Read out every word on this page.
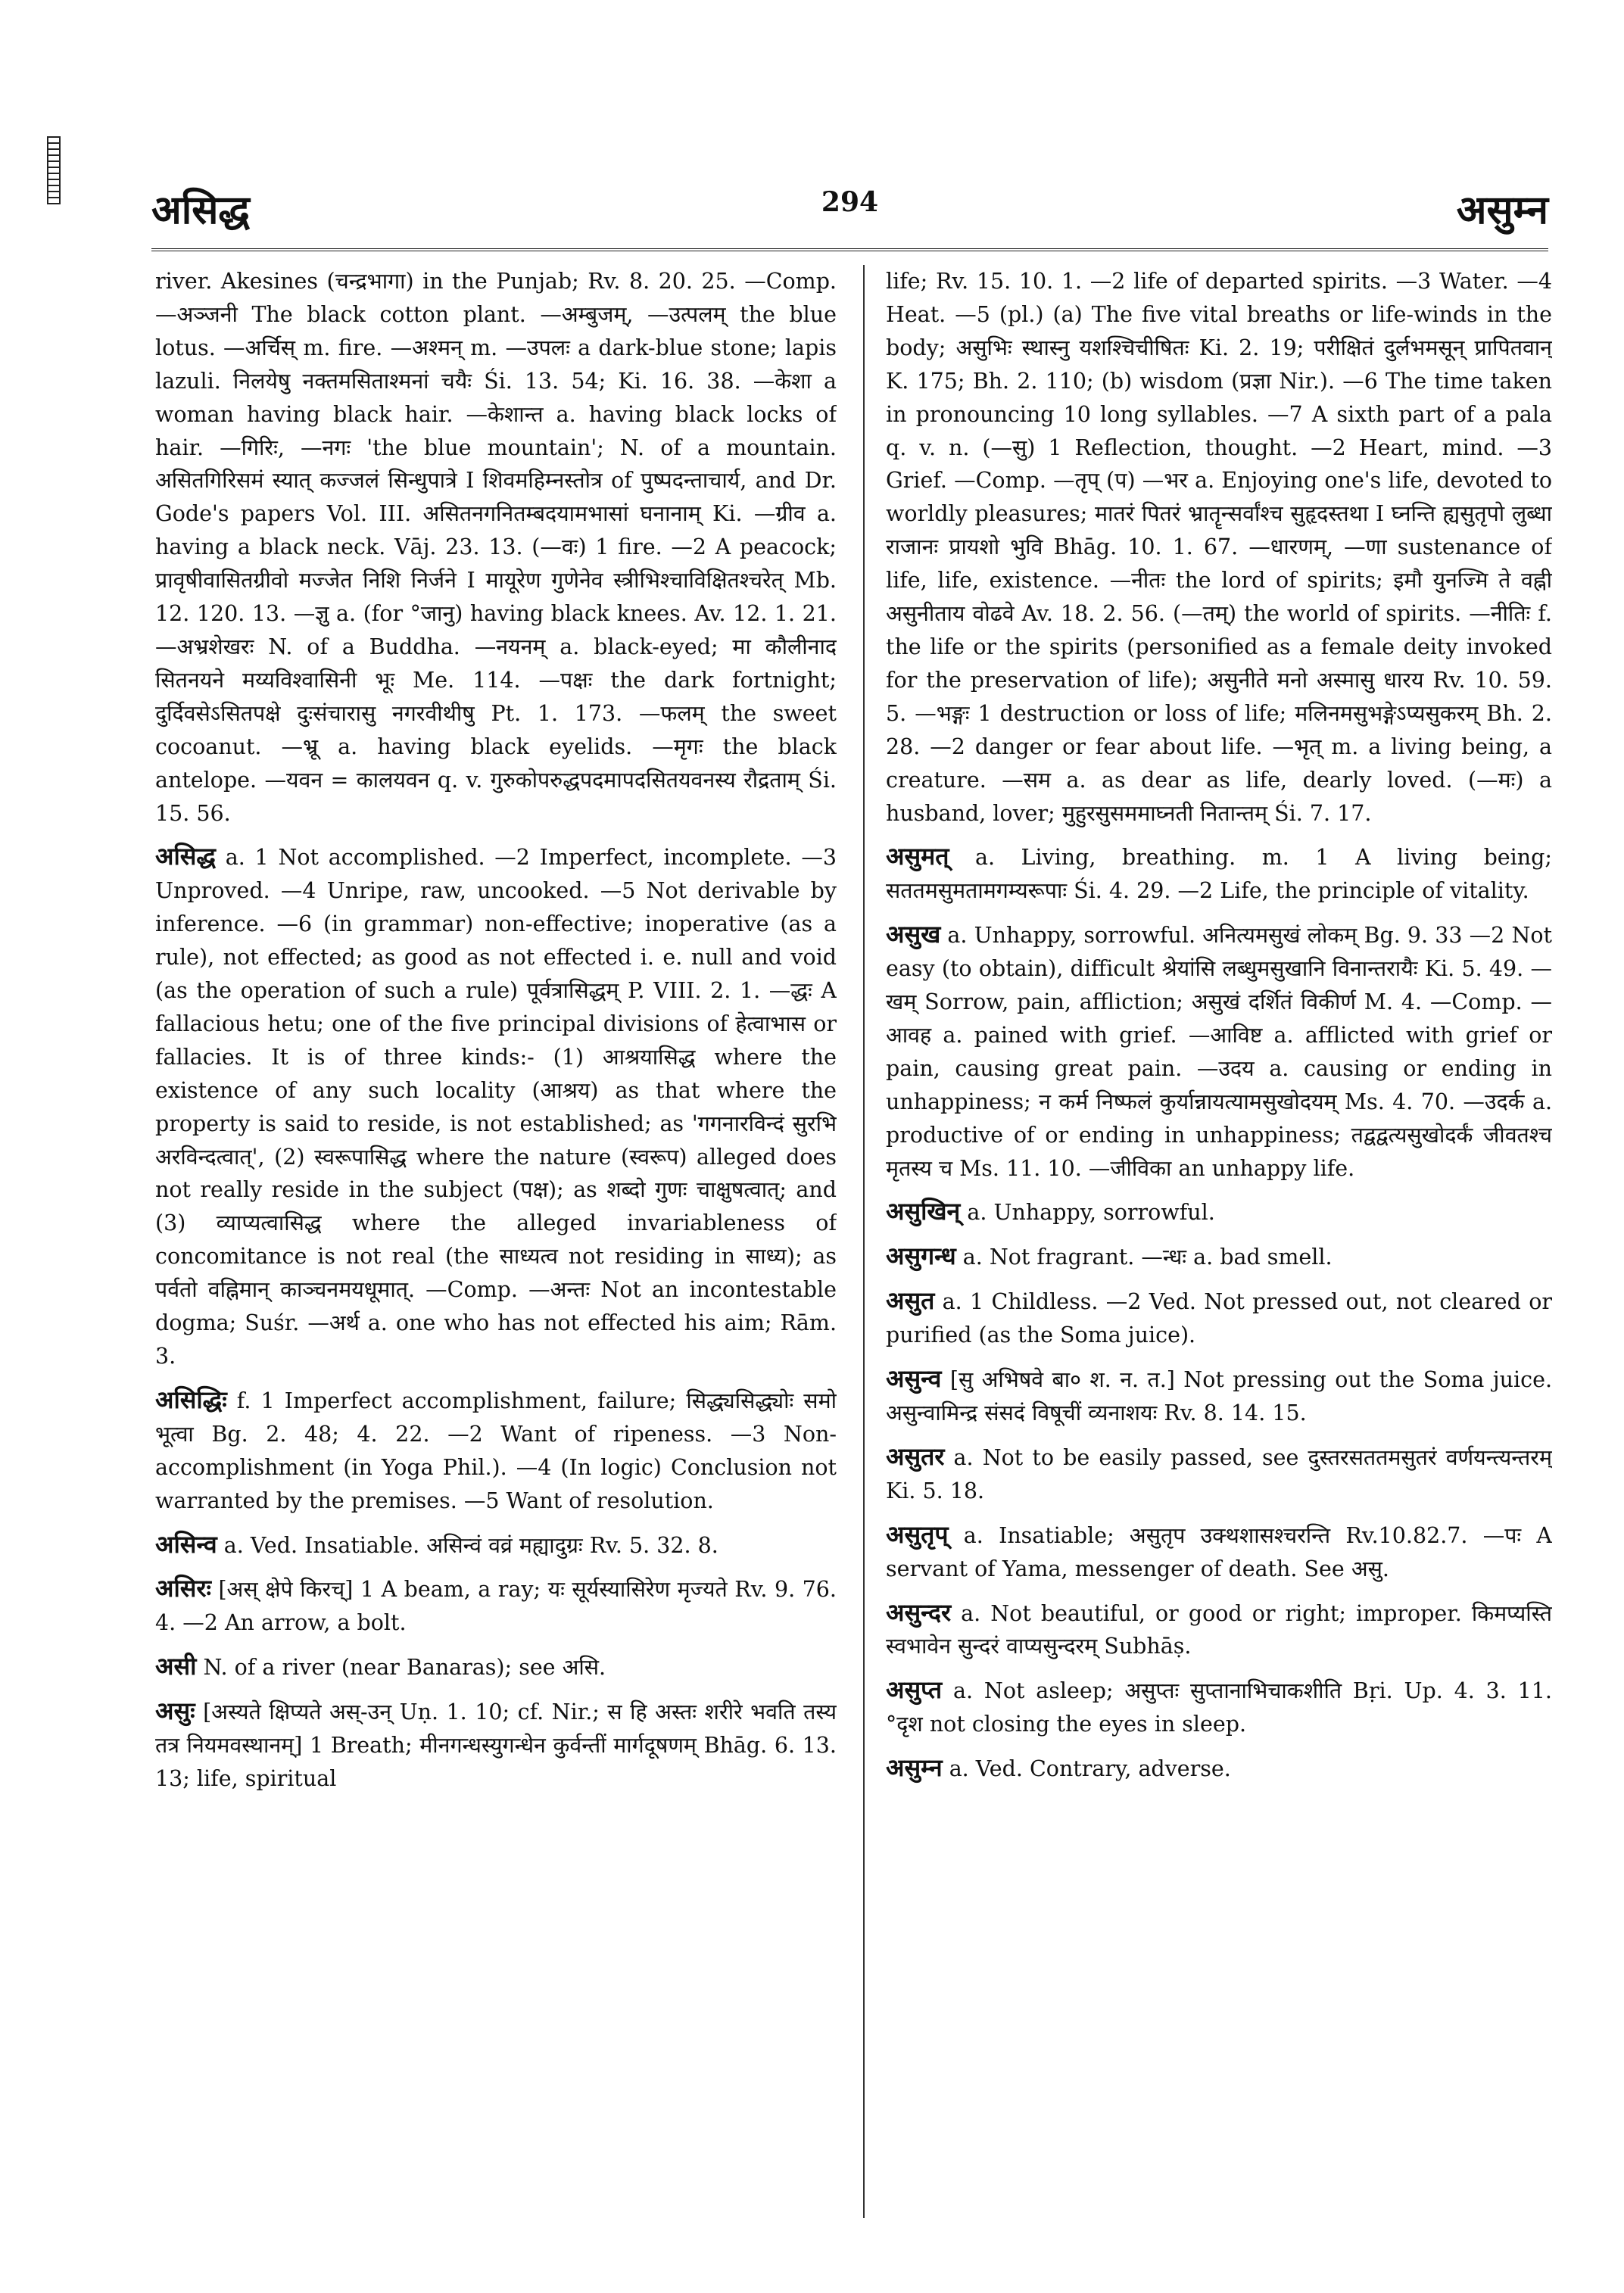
असिद्ध	294	असुम्न

river. Akesines (चन्द्रभागा) in the Punjab; Rv. 8. 20. 25. —Comp. —अञ्जनी The black cotton plant. —अम्बुजम्, —उत्पलम् the blue lotus. —अर्चिस् m. fire. —अश्मन् m. —उपलः a dark-blue stone; lapis lazuli. निलयेषु नक्तमसिताश्मनां चयैः Śi. 13. 54; Ki. 16. 38. —केशा a woman having black hair. —केशान्त a. having black locks of hair. —गिरिः, —नगः 'the blue mountain'; N. of a mountain. असितगिरिसमं स्यात् कज्जलं सिन्धुपात्रे I शिवमहिम्नस्तोत्र of पुष्पदन्ताचार्य, and Dr. Gode's papers Vol. III. असितनगनितम्बदयामभासां घनानाम् Ki. —ग्रीव a. having a black neck. Vāj. 23. 13. (—वः) 1 fire. —2 A peacock; प्रावृषीवासितग्रीवो मज्जेत निशि निर्जने I मायूरेण गुणेनेव स्त्रीभिश्चाविक्षितश्चरेत् Mb. 12. 120. 13. —ज्ञु a. (for °जानु) having black knees. Av. 12. 1. 21. —अभ्रशेखरः N. of a Buddha. —नयनम् a. black-eyed; मा कौलीनाद सितनयने मय्यविश्वासिनी भूः Me. 114. —पक्षः the dark fortnight; दुर्दिवसेऽसितपक्षे दुःसंचारासु नगरवीथीषु Pt. 1. 173. —फलम् the sweet cocoanut. —भ्रू a. having black eyelids. —मृगः the black antelope. —यवन = कालयवन q. v. गुरुकोपरुद्धपदमापदसितयवनस्य रौद्रताम् Śi. 15. 56.

असिद्ध a. 1 Not accomplished. —2 Imperfect, incomplete. —3 Unproved. —4 Unripe, raw, uncooked. —5 Not derivable by inference. —6 (in grammar) non-effective; inoperative (as a rule), not effected; as good as not effected i. e. null and void (as the operation of such a rule) पूर्वत्रासिद्धम् P. VIII. 2. 1. —द्धः A fallacious hetu; one of the five principal divisions of हेत्वाभास or fallacies. It is of three kinds:- (1) आश्रयासिद्ध where the existence of any such locality (आश्रय) as that where the property is said to reside, is not established; as 'गगनारविन्दं सुरभि अरविन्दत्वात्', (2) स्वरूपासिद्ध where the nature (स्वरूप) alleged does not really reside in the subject (पक्ष); as शब्दो गुणः चाक्षुषत्वात्; and (3) व्याप्यत्वासिद्ध where the alleged invariableness of concomitance is not real (the साध्यत्व not residing in साध्य); as पर्वतो वह्निमान् काञ्चनमयधूमात्. —Comp. —अन्तः Not an incontestable dogma; Suśr. —अर्थ a. one who has not effected his aim; Rām. 3.

असिद्धिः f. 1 Imperfect accomplishment, failure; सिद्ध्यसिद्ध्योः समो भूत्वा Bg. 2. 48; 4. 22. —2 Want of ripeness. —3 Non-accomplishment (in Yoga Phil.). —4 (In logic) Conclusion not warranted by the premises. —5 Want of resolution.

असिन्व a. Ved. Insatiable. असिन्वं वव्रं मह्यादुग्रः Rv. 5. 32. 8.

असिरः [अस् क्षेपे किरच्] 1 A beam, a ray; यः सूर्यस्यासिरेण मृज्यते Rv. 9. 76. 4. —2 An arrow, a bolt.

असी N. of a river (near Banaras); see असि.

असुः [अस्यते क्षिप्यते अस्-उन् Uṇ. 1. 10; cf. Nir.; स हि अस्तः शरीरे भवति तस्य तत्र नियमवस्थानम्] 1 Breath; मीनगन्धस्युगन्धेन कुर्वन्तीं मार्गदूषणम् Bhāg. 6. 13. 13; life, spiritual

life; Rv. 15. 10. 1. —2 life of departed spirits. —3 Water. —4 Heat. —5 (pl.) (a) The five vital breaths or life-winds in the body; असुभिः स्थास्नु यशश्चिचीषितः Ki. 2. 19; परीक्षितं दुर्लभमसून् प्रापितवान् K. 175; Bh. 2. 110; (b) wisdom (प्रज्ञा Nir.). —6 The time taken in pronouncing 10 long syllables. —7 A sixth part of a pala q. v. n. (—सु) 1 Reflection, thought. —2 Heart, mind. —3 Grief. —Comp. —तृप् (प) —भर a. Enjoying one's life, devoted to worldly pleasures; मातरं पितरं भ्रातॄन्सर्वांश्च सुहृदस्तथा I घ्नन्ति ह्यसुतृपो लुब्धा राजानः प्रायशो भुवि Bhāg. 10. 1. 67. —धारणम्, —णा sustenance of life, life, existence. —नीतः the lord of spirits; इमौ युनज्मि ते वह्नी असुनीताय वोढवे Av. 18. 2. 56. (—तम्) the world of spirits. —नीतिः f. the life or the spirits (personified as a female deity invoked for the preservation of life); असुनीते मनो अस्मासु धारय Rv. 10. 59. 5. —भङ्गः 1 destruction or loss of life; मलिनमसुभङ्गेऽप्यसुकरम् Bh. 2. 28. —2 danger or fear about life. —भृत् m. a living being, a creature. —सम a. as dear as life, dearly loved. (—मः) a husband, lover; मुहुरसुसममाघ्नती नितान्तम् Śi. 7. 17.

असुमत् a. Living, breathing. m. 1 A living being; सततमसुमतामगम्यरूपाः Śi. 4. 29. —2 Life, the principle of vitality.

असुख a. Unhappy, sorrowful. अनित्यमसुखं लोकम् Bg. 9. 33 —2 Not easy (to obtain), difficult श्रेयांसि लब्धुमसुखानि विनान्तरायैः Ki. 5. 49. —खम् Sorrow, pain, affliction; असुखं दर्शितं विकीर्ण M. 4. —Comp. —आवह a. pained with grief. —आविष्ट a. afflicted with grief or pain, causing great pain. —उदय a. causing or ending in unhappiness; न कर्म निष्फलं कुर्यान्नायत्यामसुखोदयम् Ms. 4. 70. —उदर्क a. productive of or ending in unhappiness; तद्वद्वत्यसुखोदर्कं जीवतश्च मृतस्य च Ms. 11. 10. —जीविका an unhappy life.

असुखिन् a. Unhappy, sorrowful.

असुगन्ध a. Not fragrant. —न्धः a. bad smell.

असुत a. 1 Childless. —2 Ved. Not pressed out, not cleared or purified (as the Soma juice).

असुन्व [सु अभिषवे बा० श. न. त.] Not pressing out the Soma juice. असुन्वामिन्द्र संसदं विषूचीं व्यनाशयः Rv. 8. 14. 15.

असुतर a. Not to be easily passed, see दुस्तरसततमसुतरं वर्णयन्त्यन्तरम् Ki. 5. 18.

असुतृप् a. Insatiable; असुतृप उक्थशासश्चरन्ति Rv.10.82.7. —पः A servant of Yama, messenger of death. See असु.

असुन्दर a. Not beautiful, or good or right; improper. किमप्यस्ति स्वभावेन सुन्दरं वाप्यसुन्दरम् Subhāṣ.

असुप्त a. Not asleep; असुप्तः सुप्तानाभिचाकशीति Bṛi. Up. 4. 3. 11. °दृश not closing the eyes in sleep.

असुम्न a. Ved. Contrary, adverse.
